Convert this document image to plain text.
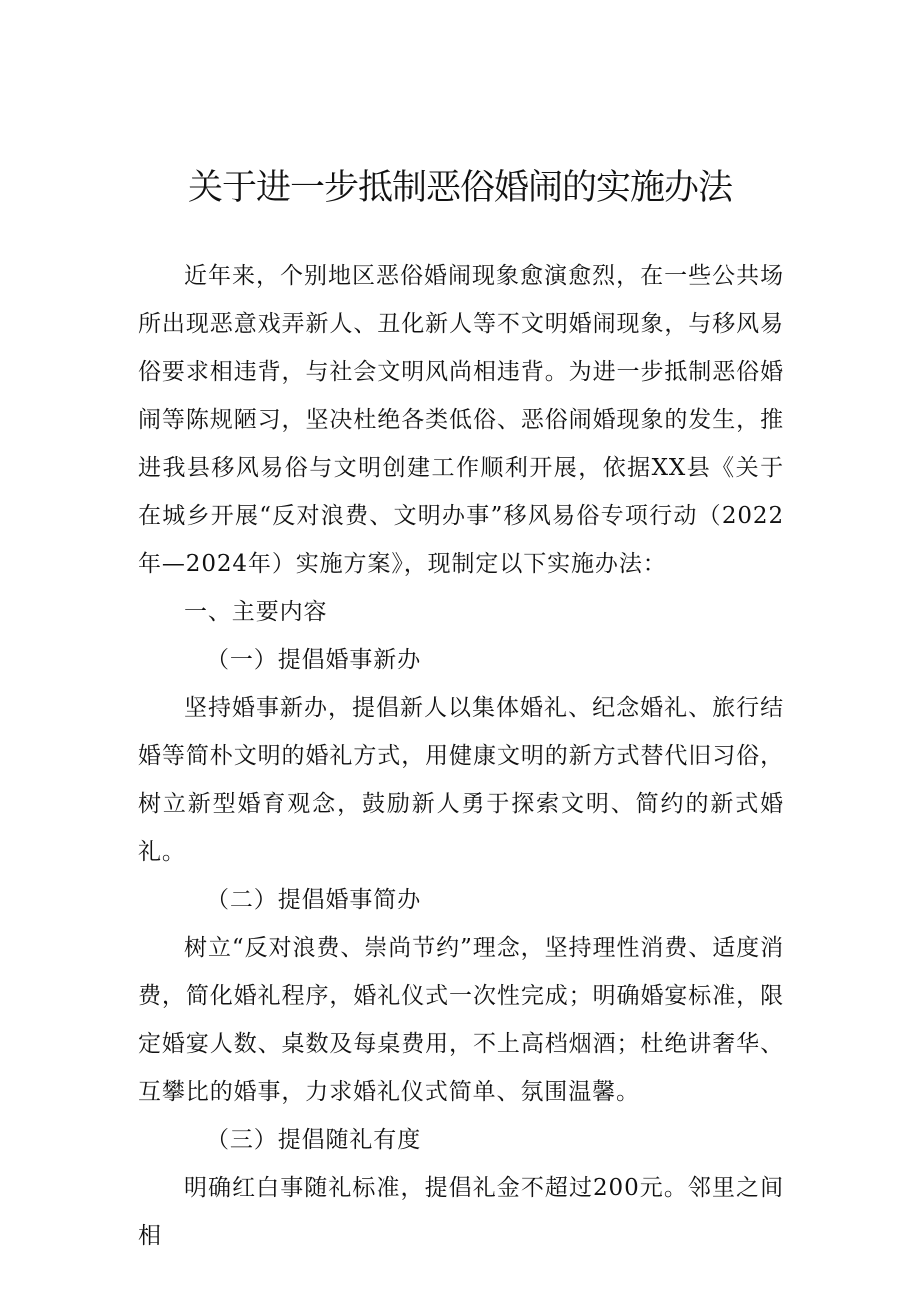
关于进一步抵制恶俗婚闹的实施办法

近年来，个别地区恶俗婚闹现象愈演愈烈，在一些公共场所出现恶意戏弄新人、丑化新人等不文明婚闹现象，与移风易俗要求相违背，与社会文明风尚相违背。为进一步抵制恶俗婚闹等陈规陋习，坚决杜绝各类低俗、恶俗闹婚现象的发生，推进我县移风易俗与文明创建工作顺利开展，依据XX县《关于在城乡开展“反对浪费、文明办事”移风易俗专项行动（2022年—2024年）实施方案》，现制定以下实施办法：

一、主要内容

（一）提倡婚事新办

坚持婚事新办，提倡新人以集体婚礼、纪念婚礼、旅行结婚等简朴文明的婚礼方式，用健康文明的新方式替代旧习俗，树立新型婚育观念，鼓励新人勇于探索文明、简约的新式婚礼。

（二）提倡婚事简办

树立“反对浪费、崇尚节约”理念，坚持理性消费、适度消费，简化婚礼程序，婚礼仪式一次性完成；明确婚宴标准，限定婚宴人数、桌数及每桌费用，不上高档烟酒；杜绝讲奢华、互攀比的婚事，力求婚礼仪式简单、氛围温馨。

（三）提倡随礼有度

明确红白事随礼标准，提倡礼金不超过200元。邻里之间相
